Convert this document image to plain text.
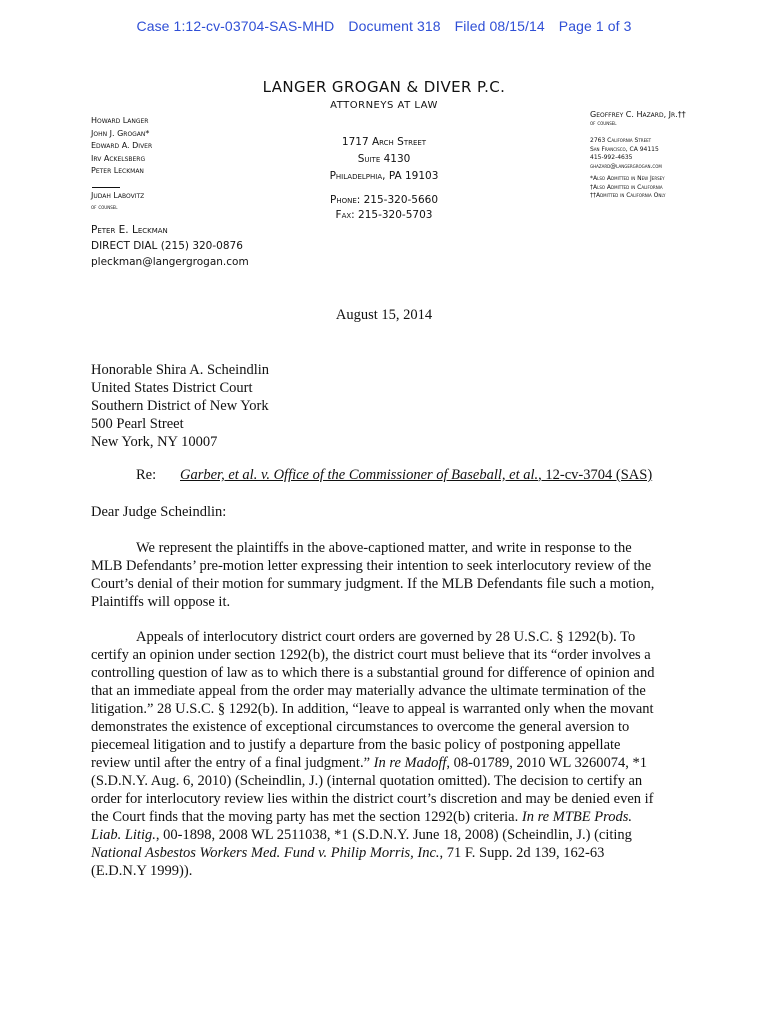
Case 1:12-cv-03704-SAS-MHD Document 318 Filed 08/15/14 Page 1 of 3
LANGER GROGAN & DIVER P.C.
ATTORNEYS AT LAW
Howard Langer
John J. Grogan*
Edward A. Diver
Irv Ackelsberg
Peter Leckman
Judah Labovitz
of counsel
Peter E. Leckman
DIRECT DIAL (215) 320-0876
pleckman@langergrogan.com
1717 Arch Street
Suite 4130
Philadelphia, PA 19103
Phone: 215-320-5660
Fax: 215-320-5703
Geoffrey C. Hazard, Jr.††
of counsel
2763 California Street
San Francisco, CA 94115
415-992-4635
ghazard@langergrogan.com
*Also Admitted in New Jersey
†Also Admitted in California
††Admitted in California Only
August 15, 2014
Honorable Shira A. Scheindlin
United States District Court
Southern District of New York
500 Pearl Street
New York, NY 10007
Re: Garber, et al. v. Office of the Commissioner of Baseball, et al., 12-cv-3704 (SAS)
Dear Judge Scheindlin:
We represent the plaintiffs in the above-captioned matter, and write in response to the
MLB Defendants’ pre-motion letter expressing their intention to seek interlocutory review of the
Court’s denial of their motion for summary judgment. If the MLB Defendants file such a motion,
Plaintiffs will oppose it.
Appeals of interlocutory district court orders are governed by 28 U.S.C. § 1292(b). To
certify an opinion under section 1292(b), the district court must believe that its “order involves a
controlling question of law as to which there is a substantial ground for difference of opinion and
that an immediate appeal from the order may materially advance the ultimate termination of the
litigation.” 28 U.S.C. § 1292(b). In addition, “leave to appeal is warranted only when the movant
demonstrates the existence of exceptional circumstances to overcome the general aversion to
piecemeal litigation and to justify a departure from the basic policy of postponing appellate
review until after the entry of a final judgment.” In re Madoff, 08-01789, 2010 WL 3260074, *1
(S.D.N.Y. Aug. 6, 2010) (Scheindlin, J.) (internal quotation omitted). The decision to certify an
order for interlocutory review lies within the district court’s discretion and may be denied even if
the Court finds that the moving party has met the section 1292(b) criteria. In re MTBE Prods.
Liab. Litig., 00-1898, 2008 WL 2511038, *1 (S.D.N.Y. June 18, 2008) (Scheindlin, J.) (citing
National Asbestos Workers Med. Fund v. Philip Morris, Inc., 71 F. Supp. 2d 139, 162-63
(E.D.N.Y 1999)).
